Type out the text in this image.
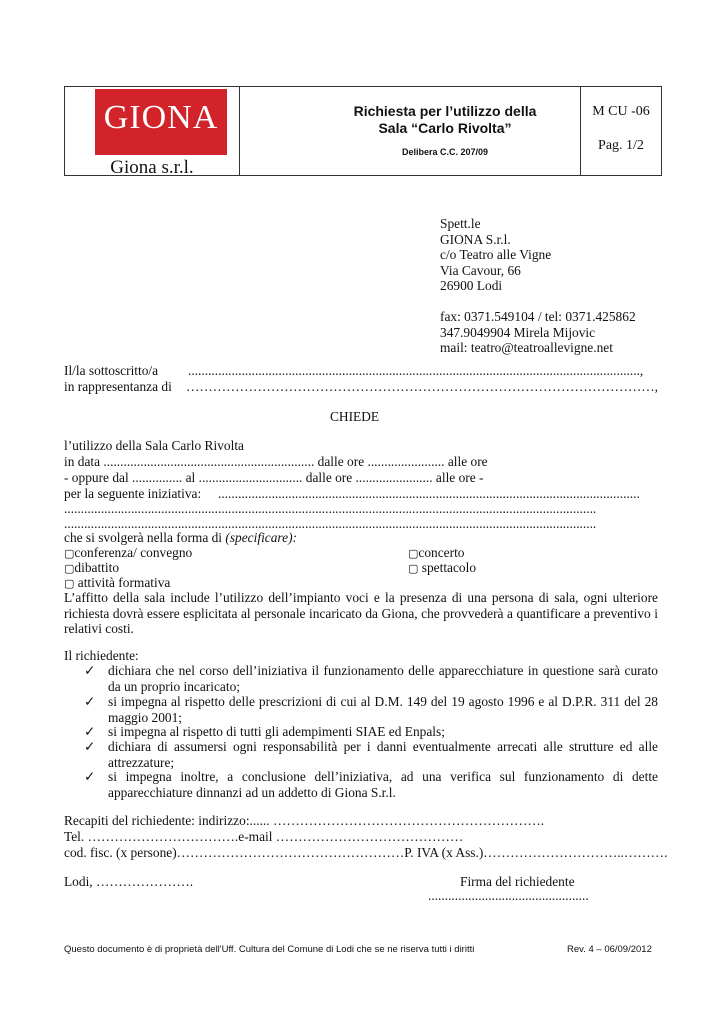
GIONA
Giona s.r.l.
Richiesta per l’utilizzo della
Sala “Carlo Rivolta”
Delibera C.C. 207/09
M CU -06
Pag. 1/2
Spett.le
GIONA S.r.l.
c/o Teatro alle Vigne
Via Cavour, 66
26900 Lodi
fax: 0371.549104 / tel: 0371.425862
347.9049904 Mirela Mijovic
mail: teatro@teatroallevigne.net
Il/la sottoscritto/a .......................................................................................................................................,
in rappresentanza di ……………………………………………………………………………………………,
CHIEDE
l’utilizzo della Sala Carlo Rivolta
in data ............................................................... dalle ore ....................... alle ore
- oppure dal ............... al ............................... dalle ore ....................... alle ore -
per la seguente iniziativa: ..............................................................................................................................
...............................................................................................................................................................
...............................................................................................................................................................
che si svolgerà nella forma di (specificare):
▢conferenza/ convegno	▢concerto
▢dibattito	▢ spettacolo
▢ attività formativa
L’affitto della sala include l’utilizzo dell’impianto voci e la presenza di una persona di sala, ogni ulteriore richiesta dovrà essere esplicitata al personale incaricato da Giona, che provvederà a quantificare a preventivo i relativi costi.
Il richiedente:
✓ dichiara che nel corso dell’iniziativa il funzionamento delle apparecchiature in questione sarà curato da un proprio incaricato;
✓ si impegna al rispetto delle prescrizioni di cui al D.M. 149 del 19 agosto 1996 e al D.P.R. 311 del 28 maggio 2001;
✓ si impegna al rispetto di tutti gli adempimenti SIAE ed Enpals;
✓ dichiara di assumersi ogni responsabilità per i danni eventualmente arrecati alle strutture ed alle attrezzature;
✓ si impegna inoltre, a conclusione dell’iniziativa, ad una verifica sul funzionamento di dette apparecchiature dinnanzi ad un addetto di Giona S.r.l.
Recapiti del richiedente: indirizzo:...... …………………………………………………….
Tel. …………………………….e-mail ……………………………………
cod. fisc. (x persone)……………………………………………P. IVA (x Ass.)…………………………..……….
Lodi, ………………….	Firma del richiedente
................................................
Questo documento è di proprietà dell'Uff. Cultura del Comune di Lodi che se ne riserva tutti i diritti	Rev. 4 – 06/09/2012
